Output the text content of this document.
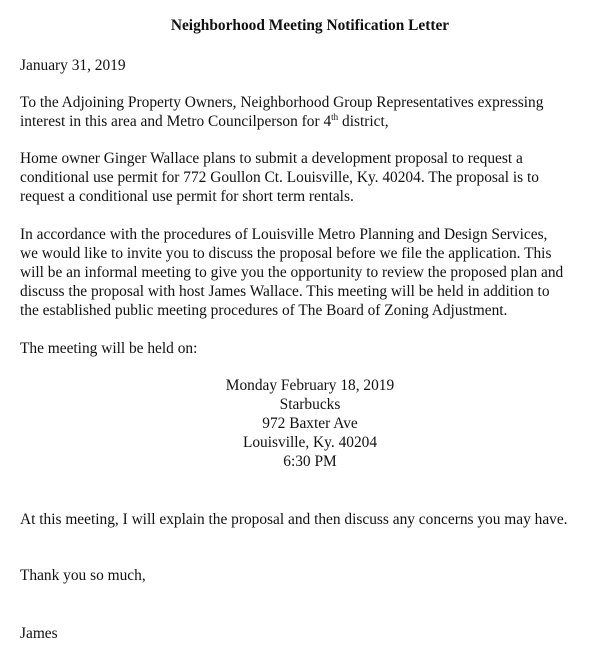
Neighborhood Meeting Notification Letter

January 31, 2019

To the Adjoining Property Owners, Neighborhood Group Representatives expressing
interest in this area and Metro Councilperson for 4th district,
Home owner Ginger Wallace plans to submit a development proposal to request a
conditional use permit for 772 Goullon Ct. Louisville, Ky. 40204. The proposal is to
request a conditional use permit for short term rentals.
In accordance with the procedures of Louisville Metro Planning and Design Services,
we would like to invite you to discuss the proposal before we file the application. This
will be an informal meeting to give you the opportunity to review the proposed plan and
discuss the proposal with host James Wallace. This meeting will be held in addition to
the established public meeting procedures of The Board of Zoning Adjustment.

The meeting will be held on:

Monday February 18, 2019
Starbucks
972 Baxter Ave
Louisville, Ky. 40204
6:30 PM

At this meeting, I will explain the proposal and then discuss any concerns you may have.

Thank you so much,

James
